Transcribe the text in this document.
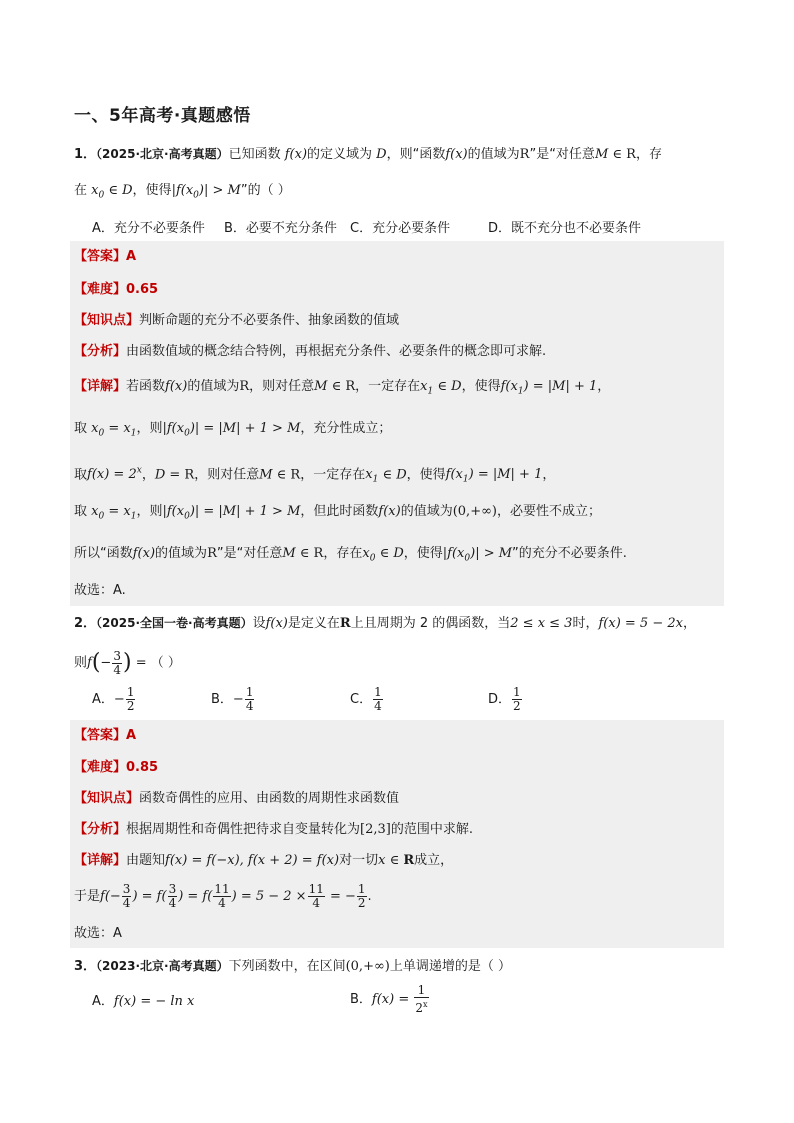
一、5年高考·真题感悟
1．（2025·北京·高考真题）已知函数 f(x)的定义域为 D，则“函数f(x)的值域为R”是“对任意M ∈ R，存
在 $x_0$ ∈ D，使得$|f(x_0)| > M$”的（ ）
A．充分不必要条件 B．必要不充分条件 C．充分必要条件	D．既不充分也不必要条件
【答案】A
【难度】0.65
【知识点】判断命题的充分不必要条件、抽象函数的值域
【分析】由函数值域的概念结合特例，再根据充分条件、必要条件的概念即可求解.
【详解】若函数f(x)的值域为R，则对任意M ∈ R，一定存在$x_1$ ∈ D，使得$f(x_1) = |M| + 1$，
取 $x_0 = x_1$，则$|f(x_0)| = |M| + 1 > M$，充分性成立；
取$f(x) = 2^x$，D = R，则对任意M ∈ R，一定存在$x_1$ ∈ D，使得$f(x_1) = |M| + 1$，
取 $x_0 = x_1$，则$|f(x_0)| = |M| + 1 > M$，但此时函数f(x)的值域为(0,+∞)，必要性不成立；
所以“函数f(x)的值域为R”是“对任意M ∈ R，存在$x_0$ ∈ D，使得$|f(x_0)| > M$”的充分不必要条件.
故选：A.
2．（2025·全国一卷·高考真题）设f(x)是定义在R上且周期为 2 的偶函数，当2 ≤ x ≤ 3时，f(x) = 5 − 2x，
则$f(- \frac{3}{4}$ ) = （ ）
A．− $\frac{1}{2}$	B．− $\frac{1}{4}$	C． $\frac{1}{4}$	D． $\frac{1}{2}$
【答案】A
【难度】0.85
【知识点】函数奇偶性的应用、由函数的周期性求函数值
【分析】根据周期性和奇偶性把待求自变量转化为[2,3]的范围中求解.
【详解】由题知f(x) = f(−x), f(x + 2) = f(x)对一切x ∈ R成立，
于是$f(- \frac{3}{4}$ ) = $f( \frac{3}{4}$ ) = $f( \frac{11}{4}$ ) = $5 - 2 \times \frac{11}{4}$ = − $\frac{1}{2}$ .
故选：A
3．（2023·北京·高考真题）下列函数中，在区间(0,+∞)上单调递增的是（ ）
A．f(x) = − ln x	B．$f(x) = \frac{1}{2^x}$
